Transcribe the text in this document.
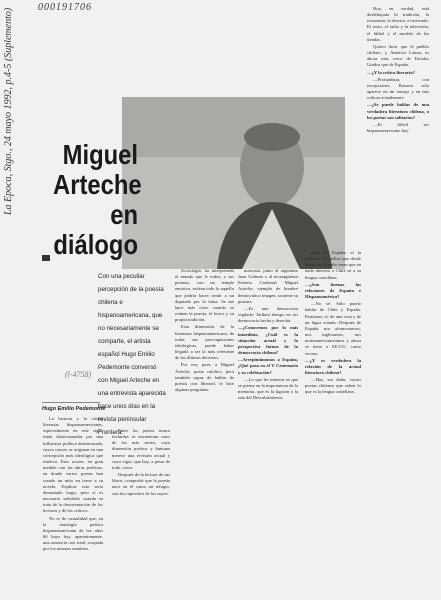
000191706
La Epoca, Stgo., 24 mayo 1992, p.4-5 (Suplemento)
(l-4758)
Miguel
Arteche
en
diálogo
Con una peculiar percepción de la poesía chilena e hispanoamericana, que no necesariamente se comparte, el artista español Hugo Emilio Pedemonte conversó con Miguel Arteche en una entrevista aparecida hace unos días en la revista peninsular Frontera.
Hugo Emilio Pedemonte

La historia y la crítica literarias hispanoamericanas, especialmente en este siglo, están distorsionadas por una influencia política desmesurada, cuyos cauces se originan en una concepción más ideológica que estética. Esto ocurre, en gran medida con las obras poéticas, en donde varios poetas han creado un mito en torno a su novela. Explicar esto sería demasiado largo; pero sí es necesario señalarlo cuando se trata de la desorientación de los lectores y de los críticos.

No es de casualidad que, en la antología poética hispanoamericana de los años 60 haya hoy, aparentemente, una ausencia casi total, ocupada por los mismos nombres.

Entre los poetas nunca incluidos se encuentran unos de los más serios, cuya dimensión poética y humana merece una revisión actual y cuyo vigor, que hoy, a pesar de todo, crece.

Después de la lectura de sus libros, comprobé que la poesía nace en él como un refugio, con los reproches de los suyos.

Sociología, ha interpretado el mundo que le rodea, y sus poemas, con un temple emotivo, rodean todo lo aquello que podría hacer sentir a un diputado por la fama. Se me hace más claro cuando se reúnen la poesía, el lector y su propia tradición.

Esta dimensión de la literatura hispanoamericana, de todas sus preocupaciones ideológicas, puede haber llegado a ser la más relevante de los últimos decenios.

Por eso, pues, a Miguel Arteche, poeta católico, pero también capaz de hablar de poesía con libertad, le hice algunas preguntas.

marxista, junto al argentino Juan Gelman o al nicaragüense Ernesto Cardenal, Miguel Arteche, ejemplo de hombre democrático imagen, sostiene su postura.

—Es una democracia vigilada. Tardará tiempo en ser democracia hecha y derecha.

—¿Conocemos por lo más inmediato, ¿Cuál es la situación actual y la perspectiva futura de la democracia chilena?

—Arrepintámonos a España, ¿Qué pasa en el V Centenario y su celebración?

—Lo que les interesa es que se piense en la importancia de la memoria, que es la ligazón y la raíz del Descubrimiento.

nada de España, sí la quieren, a aquellos que desde dentro de España creen que en nada interesa a Chile ni a su lengua castellana.

—¿Son buenas las relaciones de España e Hispanoamérica?

—No sé. Sólo puedo hablar de Chile y España. Partamos, sí, de una cosa y de un lugar común: Después de España, nos afrancesamos, nos inglesamos, nos norteamericanizamos y ahora se tiene a EE.UU. como vecino.

—¿Y es verdadera la relación de la actual literatura chilena?

—Hay, sin duda, varios poetas chilenos que saben lo que es la lengua castellana.

Hoy, en verdad, está desdibujada la tradición, la economía, la técnica, el mercado. El resto, el radio y la televisión, el fútbol y el modelo de las tiendas.

Quiero decir que el pueblo chileno, y América Latina, es ahora más cerca de Estados Unidos que de España.

—¿Y la crítica literaria?

—Profundizar, con excepciones. Rosario solo aparece en mi ensayo y en mis críticas actualmente.

—¿Se puede hablar de una verdadera literatura chilena, o los poetas son solitarios?

—Es difícil ser hispanoamericano hoy.
